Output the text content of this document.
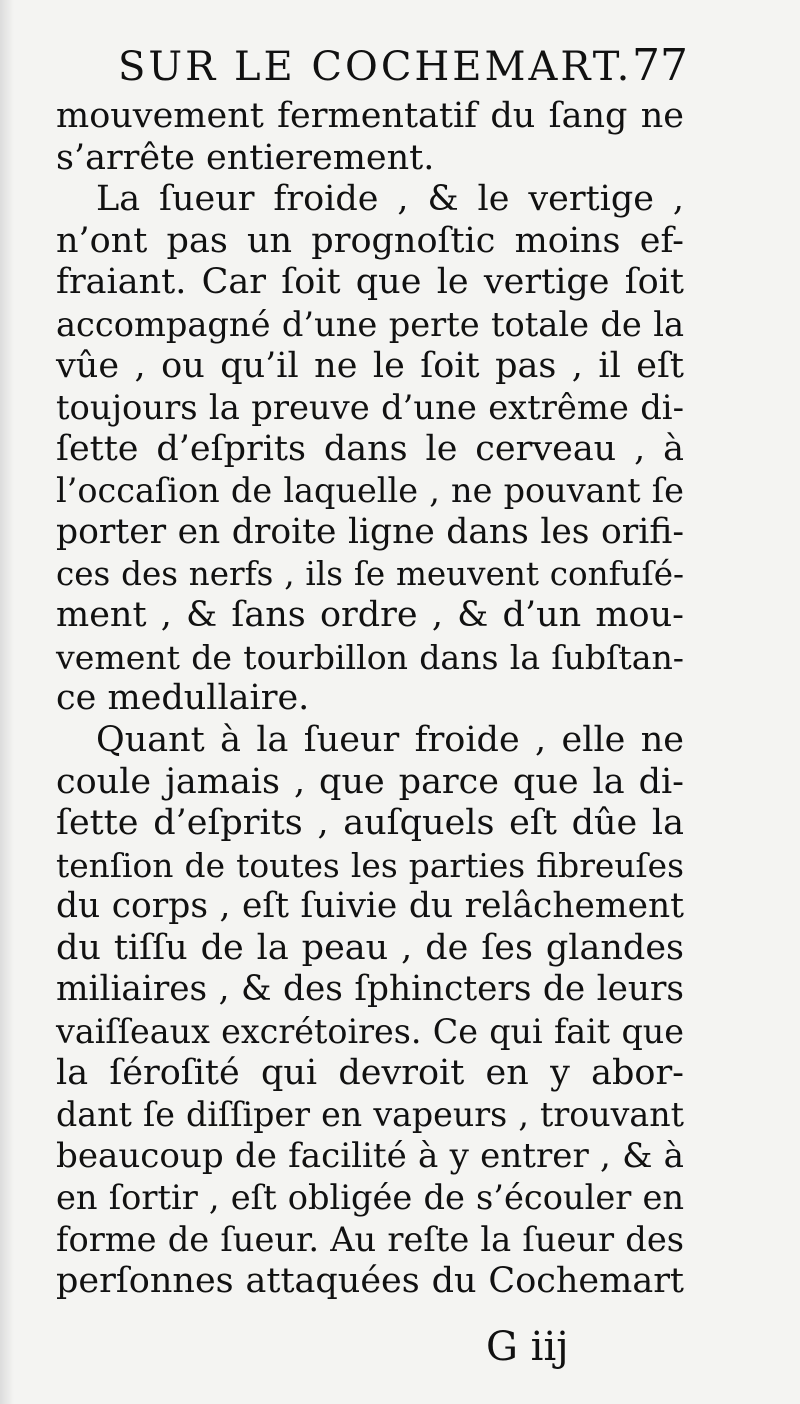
SUR LE COCHEMART. 77
mouvement fermentatif du ſang ne
s’arrête entierement.
La ſueur froide , & le vertige ,
n’ont pas un prognoſtic moins ef-
fraiant. Car ſoit que le vertige ſoit
accompagné d’une perte totale de la
vûe , ou qu’il ne le ſoit pas , il eſt
toujours la preuve d’une extrême di-
ſette d’eſprits dans le cerveau , à
l’occaſion de laquelle , ne pouvant ſe
porter en droite ligne dans les orifi-
ces des nerfs , ils ſe meuvent confuſé-
ment , & ſans ordre , & d’un mou-
vement de tourbillon dans la ſubſtan-
ce medullaire.
Quant à la ſueur froide , elle ne
coule jamais , que parce que la di-
ſette d’eſprits , auſquels eſt dûe la
tenſion de toutes les parties fibreuſes
du corps , eſt ſuivie du relâchement
du tiſſu de la peau , de ſes glandes
miliaires , & des ſphincters de leurs
vaiſſeaux excrétoires. Ce qui fait que
la ſéroſité qui devroit en y abor-
dant ſe diſſiper en vapeurs , trouvant
beaucoup de facilité à y entrer , & à
en ſortir , eſt obligée de s’écouler en
forme de ſueur. Au reſte la ſueur des
perſonnes attaquées du Cochemart
G iij
